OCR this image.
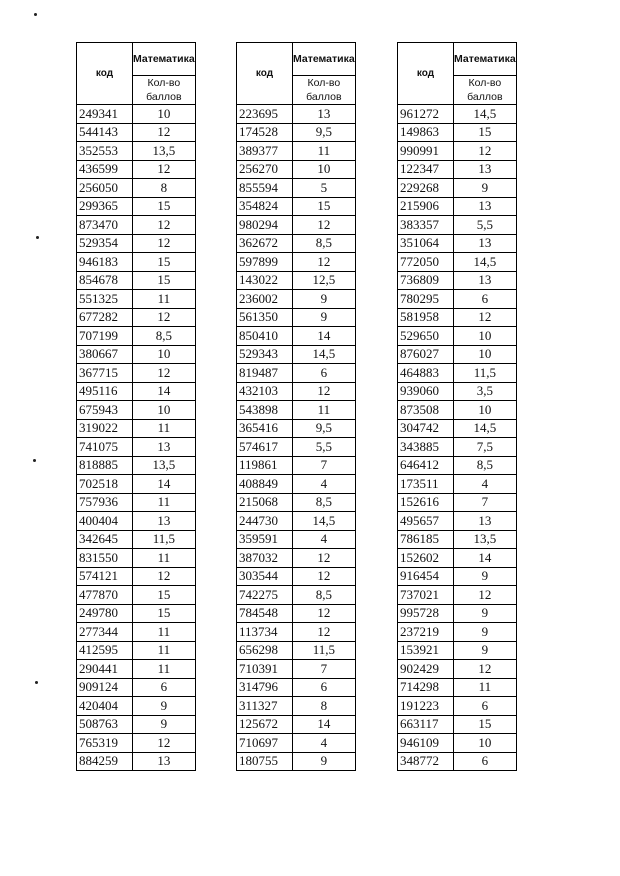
код	Математика
	Кол-во баллов
249341	10
544143	12
352553	13,5
436599	12
256050	8
299365	15
873470	12
529354	12
946183	15
854678	15
551325	11
677282	12
707199	8,5
380667	10
367715	12
495116	14
675943	10
319022	11
741075	13
818885	13,5
702518	14
757936	11
400404	13
342645	11,5
831550	11
574121	12
477870	15
249780	15
277344	11
412595	11
290441	11
909124	6
420404	9
508763	9
765319	12
884259	13
код	Математика
	Кол-во баллов
223695	13
174528	9,5
389377	11
256270	10
855594	5
354824	15
980294	12
362672	8,5
597899	12
143022	12,5
236002	9
561350	9
850410	14
529343	14,5
819487	6
432103	12
543898	11
365416	9,5
574617	5,5
119861	7
408849	4
215068	8,5
244730	14,5
359591	4
387032	12
303544	12
742275	8,5
784548	12
113734	12
656298	11,5
710391	7
314796	6
311327	8
125672	14
710697	4
180755	9
код	Математика
	Кол-во баллов
961272	14,5
149863	15
990991	12
122347	13
229268	9
215906	13
383357	5,5
351064	13
772050	14,5
736809	13
780295	6
581958	12
529650	10
876027	10
464883	11,5
939060	3,5
873508	10
304742	14,5
343885	7,5
646412	8,5
173511	4
152616	7
495657	13
786185	13,5
152602	14
916454	9
737021	12
995728	9
237219	9
153921	9
902429	12
714298	11
191223	6
663117	15
946109	10
348772	6
